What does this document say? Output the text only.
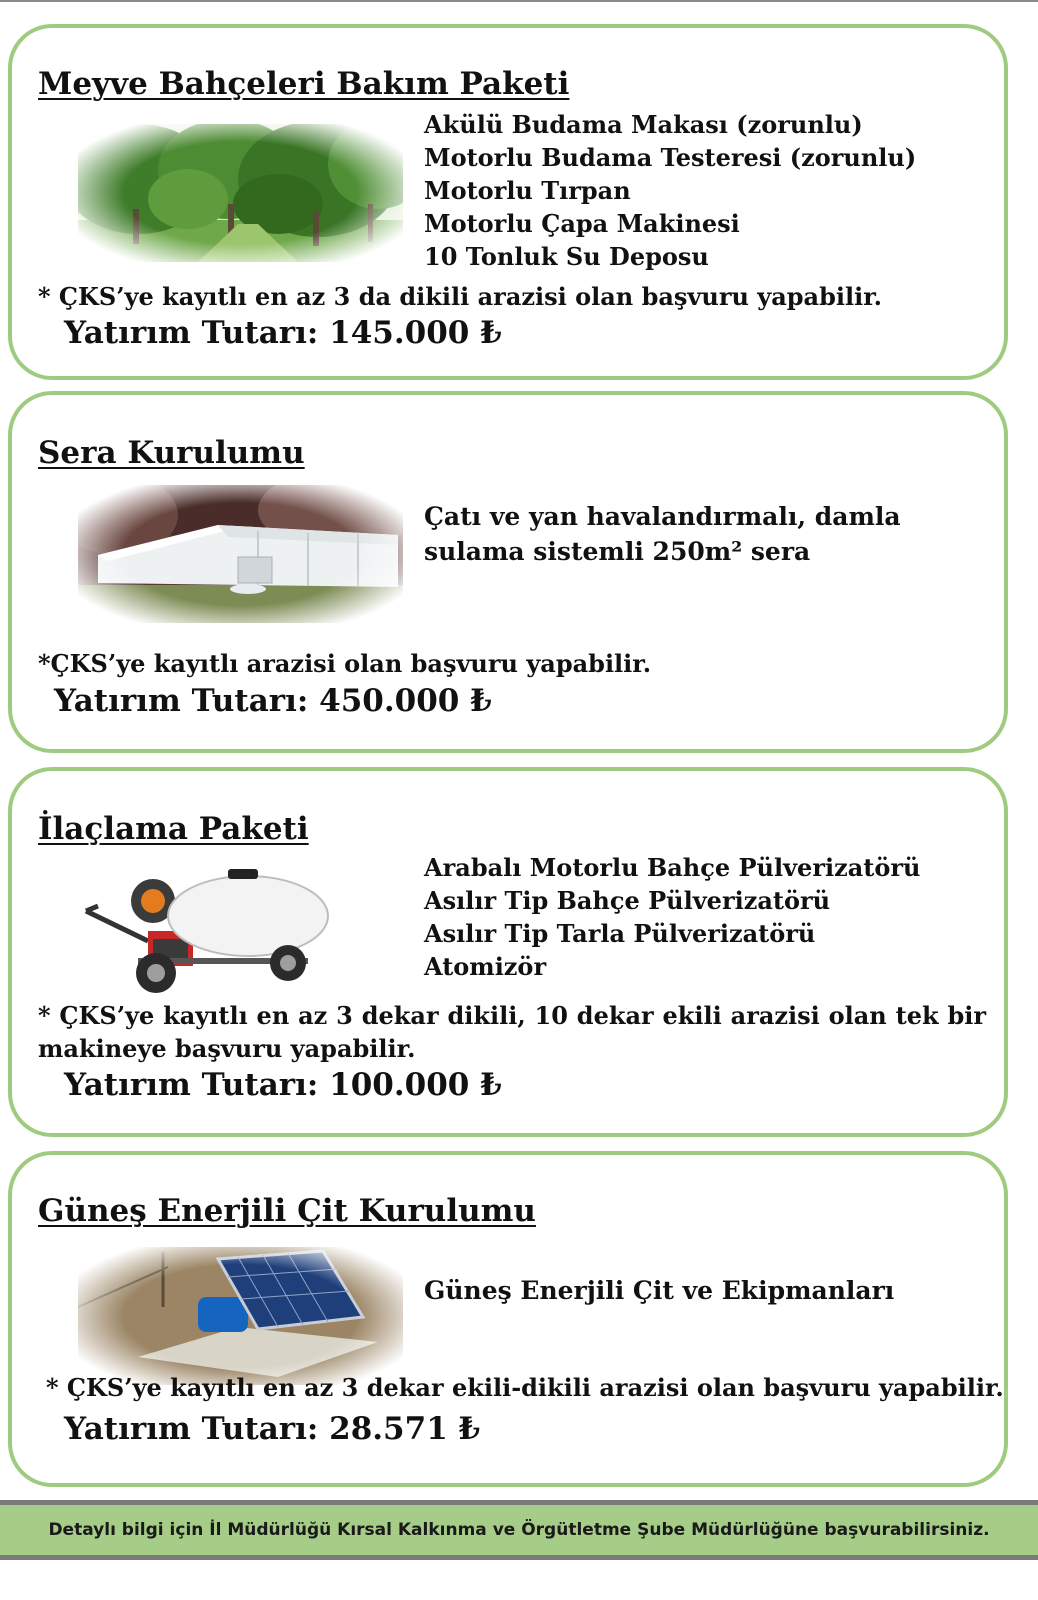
Meyve Bahçeleri Bakım Paketi
Akülü Budama Makası (zorunlu)
Motorlu Budama Testeresi (zorunlu)
Motorlu Tırpan
Motorlu Çapa Makinesi
10 Tonluk Su Deposu
* ÇKS’ye kayıtlı en az 3 da dikili arazisi olan başvuru yapabilir.
Yatırım Tutarı: 145.000 ₺
Sera Kurulumu
Çatı ve yan havalandırmalı, damla sulama sistemli 250m² sera
*ÇKS’ye kayıtlı arazisi olan başvuru yapabilir.
Yatırım Tutarı: 450.000 ₺
İlaçlama Paketi
Arabalı Motorlu Bahçe Pülverizatörü
Asılır Tip Bahçe Pülverizatörü
Asılır Tip Tarla Pülverizatörü
Atomizör
* ÇKS’ye kayıtlı en az 3 dekar dikili, 10 dekar ekili arazisi olan tek bir makineye başvuru yapabilir.
Yatırım Tutarı: 100.000 ₺
Güneş Enerjili Çit Kurulumu
Güneş Enerjili Çit ve Ekipmanları
* ÇKS’ye kayıtlı en az 3 dekar ekili-dikili arazisi olan başvuru yapabilir.
Yatırım Tutarı: 28.571 ₺
Detaylı bilgi için İl Müdürlüğü Kırsal Kalkınma ve Örgütletme Şube Müdürlüğüne başvurabilirsiniz.
